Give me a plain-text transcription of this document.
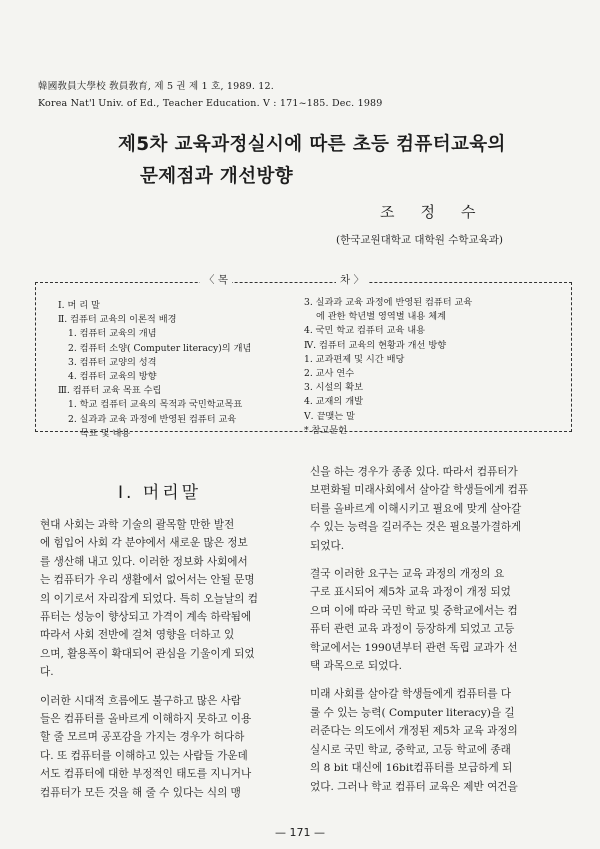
韓國敎員大學校 敎員敎育, 제 5 권 제 1 호, 1989. 12.
Korea Nat'l Univ. of Ed., Teacher Education. V : 171~185. Dec. 1989
제5차 교육과정실시에 따른 초등 컴퓨터교육의
문제점과 개선방향
조정수
(한국교원대학교 대학원 수학교육과)
〈 목	차 〉
Ⅰ. 머 리 말
Ⅱ. 컴퓨터 교육의 이론적 배경
1. 컴퓨터 교육의 개념
2. 컴퓨터 소양( Computer literacy)의 개념
3. 컴퓨터 교양의 성격
4. 컴퓨터 교육의 방향
Ⅲ. 컴퓨터 교육 목표 수립
1. 학교 컴퓨터 교육의 목적과 국민학교목표
2. 실과과 교육 과정에 반영된 컴퓨터 교육
목표 및 내용
3. 실과과 교육 과정에 반영된 컴퓨터 교육
에 관한 학년별 영역별 내용 체계
4. 국민 학교 컴퓨터 교육 내용
Ⅳ. 컴퓨터 교육의 현황과 개선 방향
1. 교과편제 및 시간 배당
2. 교사 연수
3. 시설의 확보
4. 교재의 개발
Ⅴ. 끝맺는 말
* 참고문헌
Ⅰ. 머리말
현대 사회는 과학 기술의 괄목할 만한 발전
에 힘입어 사회 각 분야에서 새로운 많은 정보
를 생산해 내고 있다. 이러한 정보화 사회에서
는 컴퓨터가 우리 생활에서 없어서는 안될 문명
의 이기로서 자리잡게 되었다. 특히 오늘날의 컴
퓨터는 성능이 향상되고 가격이 계속 하락됨에
따라서 사회 전반에 걸쳐 영향을 더하고 있
으며, 활용폭이 확대되어 관심을 기울이게 되었
다.
이러한 시대적 흐름에도 불구하고 많은 사람
들은 컴퓨터를 올바르게 이해하지 못하고 이용
할 줄 모르며 공포감을 가지는 경우가 허다하
다. 또 컴퓨터를 이해하고 있는 사람들 가운데
서도 컴퓨터에 대한 부정적인 태도를 지니거나
컴퓨터가 모든 것을 해 줄 수 있다는 식의 맹
신을 하는 경우가 종종 있다. 따라서 컴퓨터가
보편화될 미래사회에서 살아갈 학생들에게 컴퓨
터를 올바르게 이해시키고 필요에 맞게 살아갈
수 있는 능력을 길러주는 것은 필요불가결하게
되었다.
결국 이러한 요구는 교육 과정의 개정의 요
구로 표시되어 제5차 교육 과정이 개정 되었
으며 이에 따라 국민 학교 및 중학교에서는 컴
퓨터 관련 교육 과정이 등장하게 되었고 고등
학교에서는 1990년부터 관련 독립 교과가 선
택 과목으로 되었다.
미래 사회를 살아갈 학생들에게 컴퓨터를 다
룰 수 있는 능력( Computer literacy)을 길
러준다는 의도에서 개정된 제5차 교육 과정의
실시로 국민 학교, 중학교, 고등 학교에 종래
의 8 bit 대신에 16bit컴퓨터를 보급하게 되
었다. 그러나 학교 컴퓨터 교육은 제반 여건을
— 171 —
